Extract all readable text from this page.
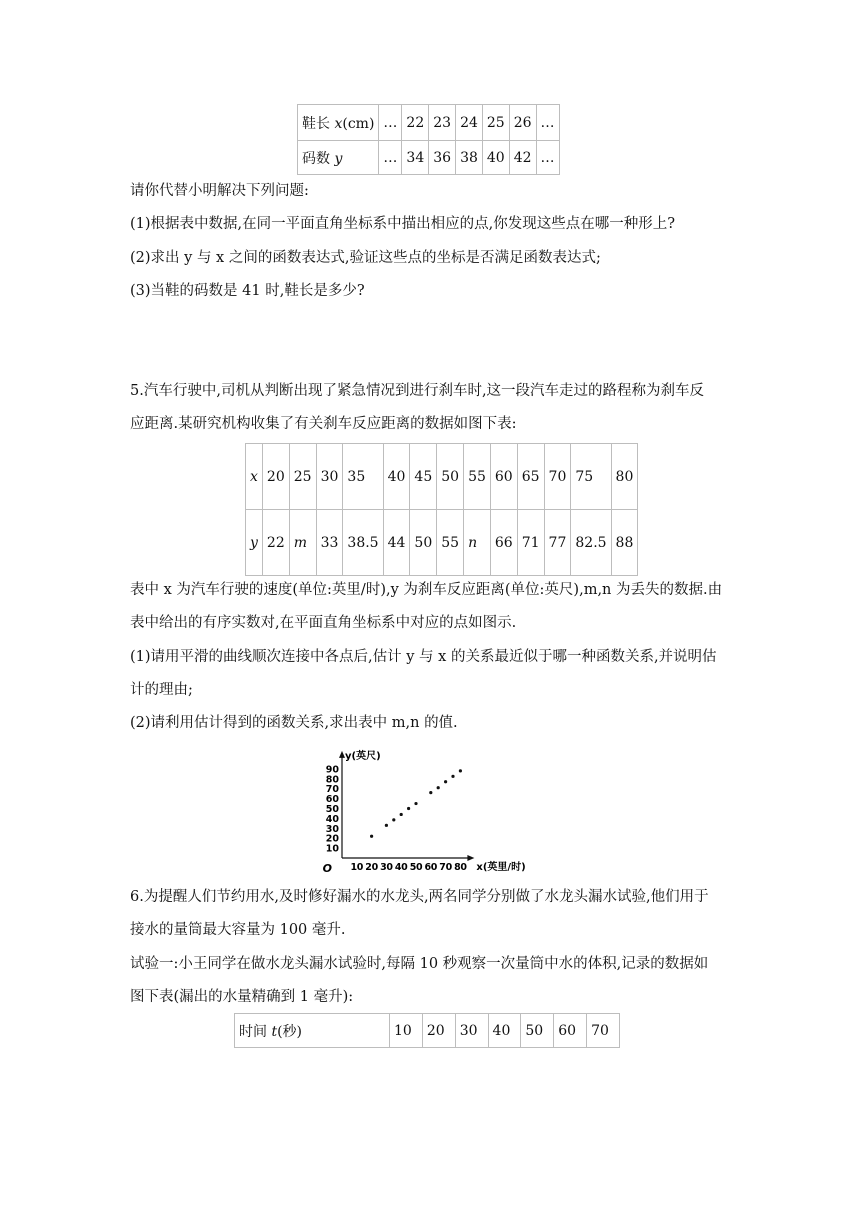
鞋长 x(cm)	…	22	23	24	25	26	…
码数 y	…	34	36	38	40	42	…
请你代替小明解决下列问题:
(1)根据表中数据,在同一平面直角坐标系中描出相应的点,你发现这些点在哪一种形上?
(2)求出 y 与 x 之间的函数表达式,验证这些点的坐标是否满足函数表达式;
(3)当鞋的码数是 41 时,鞋长是多少?
5.汽车行驶中,司机从判断出现了紧急情况到进行刹车时,这一段汽车走过的路程称为刹车反
应距离.某研究机构收集了有关刹车反应距离的数据如图下表:
x	20	25	30	35	40	45	50	55	60	65	70	75	80
y	22	m	33	38.5	44	50	55	n	66	71	77	82.5	88
表中 x 为汽车行驶的速度(单位:英里/时),y 为刹车反应距离(单位:英尺),m,n 为丢失的数据.由
表中给出的有序实数对,在平面直角坐标系中对应的点如图示.
(1)请用平滑的曲线顺次连接中各点后,估计 y 与 x 的关系最近似于哪一种函数关系,并说明估
计的理由;
(2)请利用估计得到的函数关系,求出表中 m,n 的值.
O
y(英尺)
x(英里/时)
10 20 30 40 50 60 70 80
10
20
30
40
50
60
70
80
90
6.为提醒人们节约用水,及时修好漏水的水龙头,两名同学分别做了水龙头漏水试验,他们用于
接水的量筒最大容量为 100 毫升.
试验一:小王同学在做水龙头漏水试验时,每隔 10 秒观察一次量筒中水的体积,记录的数据如
图下表(漏出的水量精确到 1 毫升):
时间 t(秒)	10	20	30	40	50	60	70
